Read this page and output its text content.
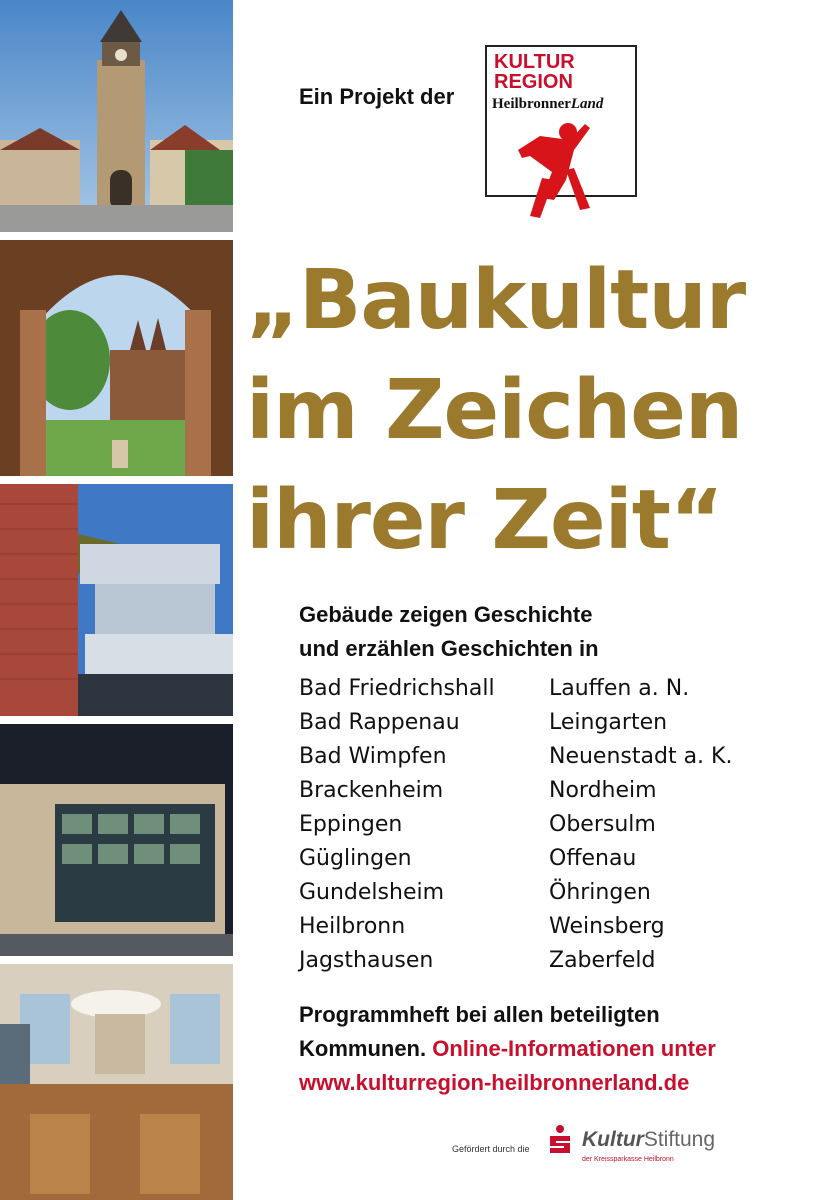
Ein Projekt der
KULTUR
REGION
HeilbronnerLand
„Baukultur
im Zeichen
ihrer Zeit“
Gebäude zeigen Geschichte
und erzählen Geschichten in
Bad Friedrichshall
Bad Rappenau
Bad Wimpfen
Brackenheim
Eppingen
Güglingen
Gundelsheim
Heilbronn
Jagsthausen
Lauffen a. N.
Leingarten
Neuenstadt a. K.
Nordheim
Obersulm
Offenau
Öhringen
Weinsberg
Zaberfeld
Programmheft bei allen beteiligten
Kommunen. Online-Informationen unter
www.kulturregion-heilbronnerland.de
Gefördert durch die KulturStiftung
der Kreissparkasse Heilbronn
